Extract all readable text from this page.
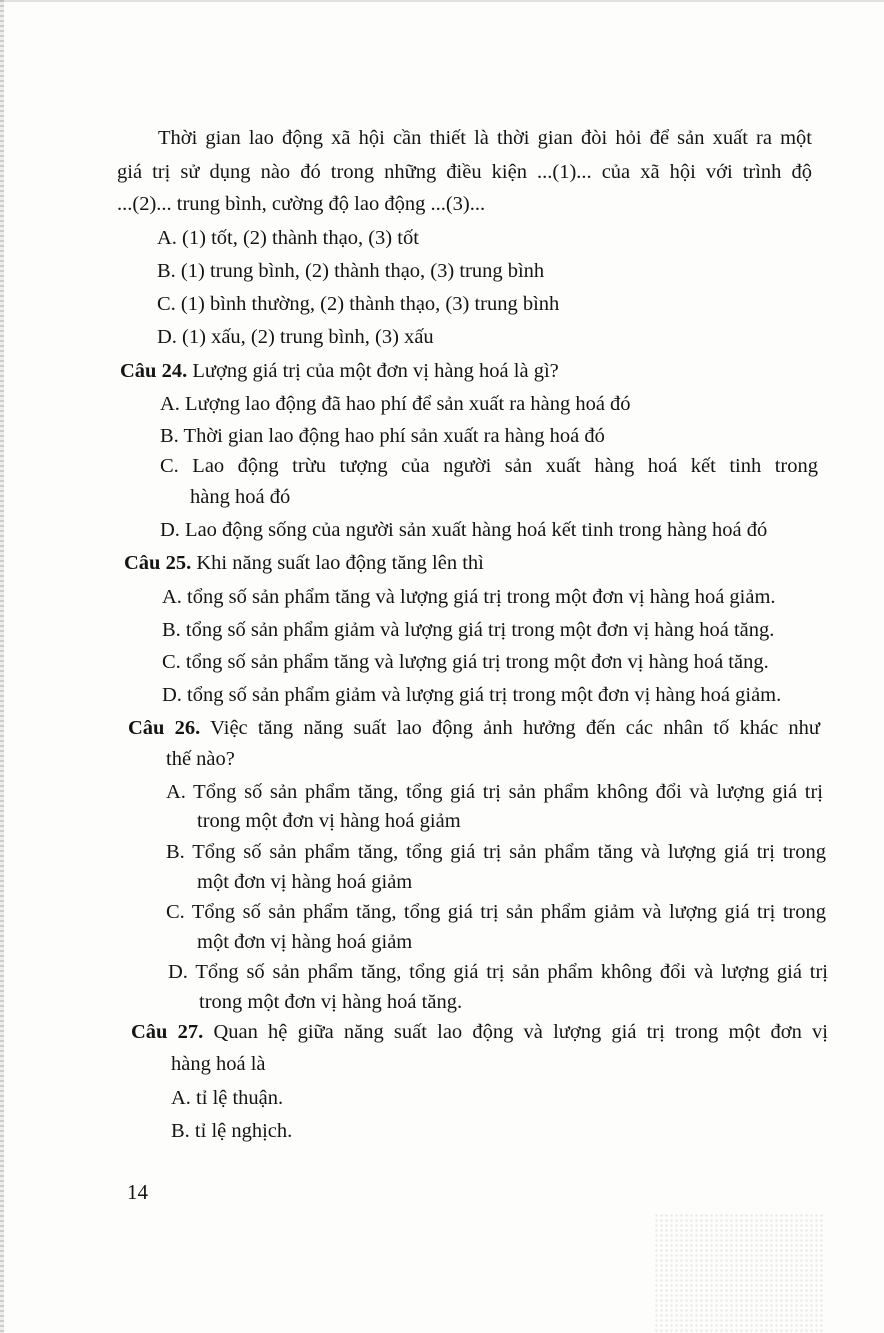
Thời gian lao động xã hội cần thiết là thời gian đòi hỏi để sản xuất ra một
giá trị sử dụng nào đó trong những điều kiện ...(1)... của xã hội với trình độ
...(2)... trung bình, cường độ lao động ...(3)...
A. (1) tốt, (2) thành thạo, (3) tốt
B. (1) trung bình, (2) thành thạo, (3) trung bình
C. (1) bình thường, (2) thành thạo, (3) trung bình
D. (1) xấu, (2) trung bình, (3) xấu
Câu 24. Lượng giá trị của một đơn vị hàng hoá là gì?
A. Lượng lao động đã hao phí để sản xuất ra hàng hoá đó
B. Thời gian lao động hao phí sản xuất ra hàng hoá đó
C. Lao động trừu tượng của người sản xuất hàng hoá kết tinh trong
hàng hoá đó
D. Lao động sống của người sản xuất hàng hoá kết tinh trong hàng hoá đó
Câu 25. Khi năng suất lao động tăng lên thì
A. tổng số sản phẩm tăng và lượng giá trị trong một đơn vị hàng hoá giảm.
B. tổng số sản phẩm giảm và lượng giá trị trong một đơn vị hàng hoá tăng.
C. tổng số sản phẩm tăng và lượng giá trị trong một đơn vị hàng hoá tăng.
D. tổng số sản phẩm giảm và lượng giá trị trong một đơn vị hàng hoá giảm.
Câu 26. Việc tăng năng suất lao động ảnh hưởng đến các nhân tố khác như
thế nào?
A. Tổng số sản phẩm tăng, tổng giá trị sản phẩm không đổi và lượng giá trị
trong một đơn vị hàng hoá giảm
B. Tổng số sản phẩm tăng, tổng giá trị sản phẩm tăng và lượng giá trị trong
một đơn vị hàng hoá giảm
C. Tổng số sản phẩm tăng, tổng giá trị sản phẩm giảm và lượng giá trị trong
một đơn vị hàng hoá giảm
D. Tổng số sản phẩm tăng, tổng giá trị sản phẩm không đổi và lượng giá trị
trong một đơn vị hàng hoá tăng.
Câu 27. Quan hệ giữa năng suất lao động và lượng giá trị trong một đơn vị
hàng hoá là
A. tỉ lệ thuận.
B. tỉ lệ nghịch.
14
